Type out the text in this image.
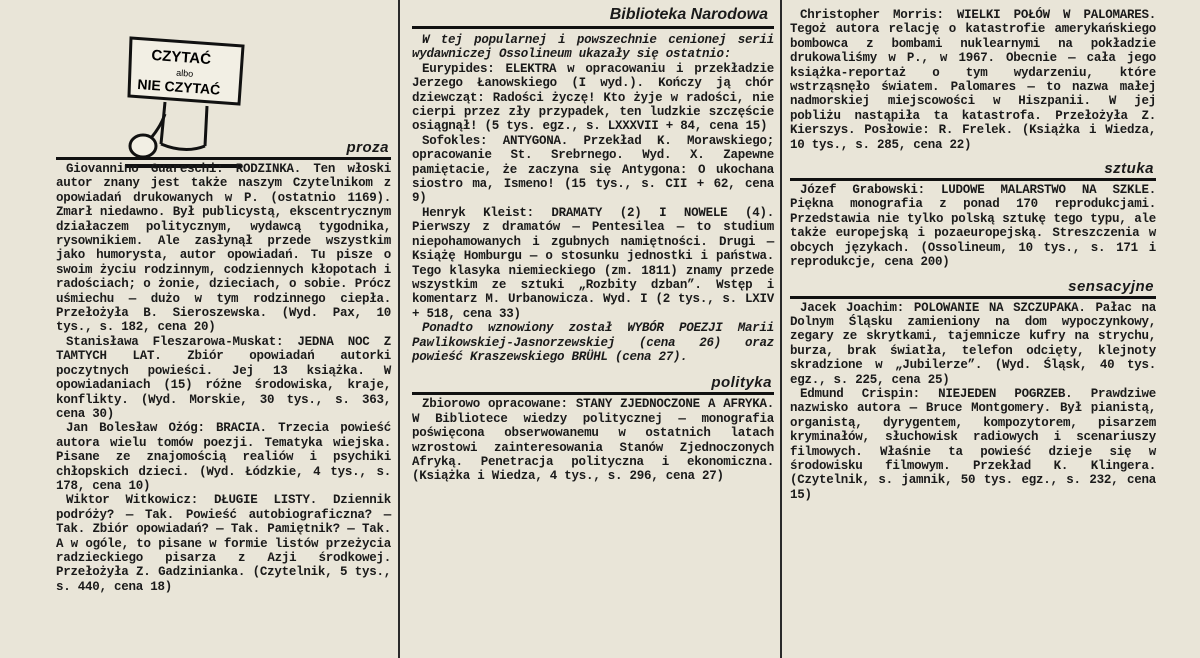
CZYTAĆ
albo
NIE CZYTAĆ
proza

Giovannino Guareschi: RODZINKA. Ten włoski autor znany jest także naszym Czytelnikom z opowiadań drukowanych w P. (ostatnio 1169). Zmarł niedawno. Był publicystą, ekscentrycznym działaczem politycznym, wydawcą tygodnika, rysownikiem. Ale zasłynął przede wszystkim jako humorysta, autor opowiadań. Tu pisze o swoim życiu rodzinnym, codziennych kłopotach i radościach; o żonie, dzieciach, o sobie. Prócz uśmiechu — dużo w tym rodzinnego ciepła. Przełożyła B. Sieroszewska. (Wyd. Pax, 10 tys., s. 182, cena 20)

Stanisława Fleszarowa-Muskat: JEDNA NOC Z TAMTYCH LAT. Zbiór opowiadań autorki poczytnych powieści. Jej 13 książka. W opowiadaniach (15) różne środowiska, kraje, konflikty. (Wyd. Morskie, 30 tys., s. 363, cena 30)

Jan Bolesław Ożóg: BRACIA. Trzecia powieść autora wielu tomów poezji. Tematyka wiejska. Pisane ze znajomością realiów i psychiki chłopskich dzieci. (Wyd. Łódzkie, 4 tys., s. 178, cena 10)

Wiktor Witkowicz: DŁUGIE LISTY. Dziennik podróży? — Tak. Powieść autobiograficzna? — Tak. Zbiór opowiadań? — Tak. Pamiętnik? — Tak. A w ogóle, to pisane w formie listów przeżycia radzieckiego pisarza z Azji środkowej. Przełożyła Z. Gadzinianka. (Czytelnik, 5 tys., s. 440, cena 18)

Biblioteka Narodowa

W tej popularnej i powszechnie cenionej serii wydawniczej Ossolineum ukazały się ostatnio:

Eurypides: ELEKTRA w opracowaniu i przekładzie Jerzego Łanowskiego (I wyd.). Kończy ją chór dziewcząt: Radości życzę! Kto żyje w radości, nie cierpi przez zły przypadek, ten ludzkie szczęście osiągnął! (5 tys. egz., s. LXXXVII + 84, cena 15)

Sofokles: ANTYGONA. Przekład K. Morawskiego; opracowanie St. Srebrnego. Wyd. X. Zapewne pamiętacie, że zaczyna się Antygona: O ukochana siostro ma, Ismeno! (15 tys., s. CII + 62, cena 9)

Henryk Kleist: DRAMATY (2) I NOWELE (4). Pierwszy z dramatów — Pentesilea — to studium niepohamowanych i zgubnych namiętności. Drugi — Książę Homburgu — o stosunku jednostki i państwa. Tego klasyka niemieckiego (zm. 1811) znamy przede wszystkim ze sztuki „Rozbity dzban”. Wstęp i komentarz M. Urbanowicza. Wyd. I (2 tys., s. LXIV + 518, cena 33)

Ponadto wznowiony został WYBÓR POEZJI Marii Pawlikowskiej-Jasnorzewskiej (cena 26) oraz powieść Kraszewskiego BRÜHL (cena 27).

polityka

Zbiorowo opracowane: STANY ZJEDNOCZONE A AFRYKA. W Bibliotece wiedzy politycznej — monografia poświęcona obserwowanemu w ostatnich latach wzrostowi zainteresowania Stanów Zjednoczonych Afryką. Penetracja polityczna i ekonomiczna. (Książka i Wiedza, 4 tys., s. 296, cena 27)

Christopher Morris: WIELKI POŁÓW W PALOMARES. Tegoż autora relację o katastrofie amerykańskiego bombowca z bombami nuklearnymi na pokładzie drukowaliśmy w P., w 1967. Obecnie — cała jego książka-reportaż o tym wydarzeniu, które wstrząsnęło światem. Palomares — to nazwa małej nadmorskiej miejscowości w Hiszpanii. W jej pobliżu nastąpiła ta katastrofa. Przełożyła Z. Kierszys. Posłowie: R. Frelek. (Książka i Wiedza, 10 tys., s. 285, cena 22)

sztuka

Józef Grabowski: LUDOWE MALARSTWO NA SZKLE. Piękna monografia z ponad 170 reprodukcjami. Przedstawia nie tylko polską sztukę tego typu, ale także europejską i pozaeuropejską. Streszczenia w obcych językach. (Ossolineum, 10 tys., s. 171 i reprodukcje, cena 200)

sensacyjne

Jacek Joachim: POLOWANIE NA SZCZUPAKA. Pałac na Dolnym Śląsku zamieniony na dom wypoczynkowy, zegary ze skrytkami, tajemnicze kufry na strychu, burza, brak światła, telefon odcięty, klejnoty skradzione w „Jubilerze”. (Wyd. Śląsk, 40 tys. egz., s. 225, cena 25)

Edmund Crispin: NIEJEDEN POGRZEB. Prawdziwe nazwisko autora — Bruce Montgomery. Był pianistą, organistą, dyrygentem, kompozytorem, pisarzem kryminałów, słuchowisk radiowych i scenariuszy filmowych. Właśnie ta powieść dzieje się w środowisku filmowym. Przekład K. Klingera. (Czytelnik, s. jamnik, 50 tys. egz., s. 232, cena 15)
